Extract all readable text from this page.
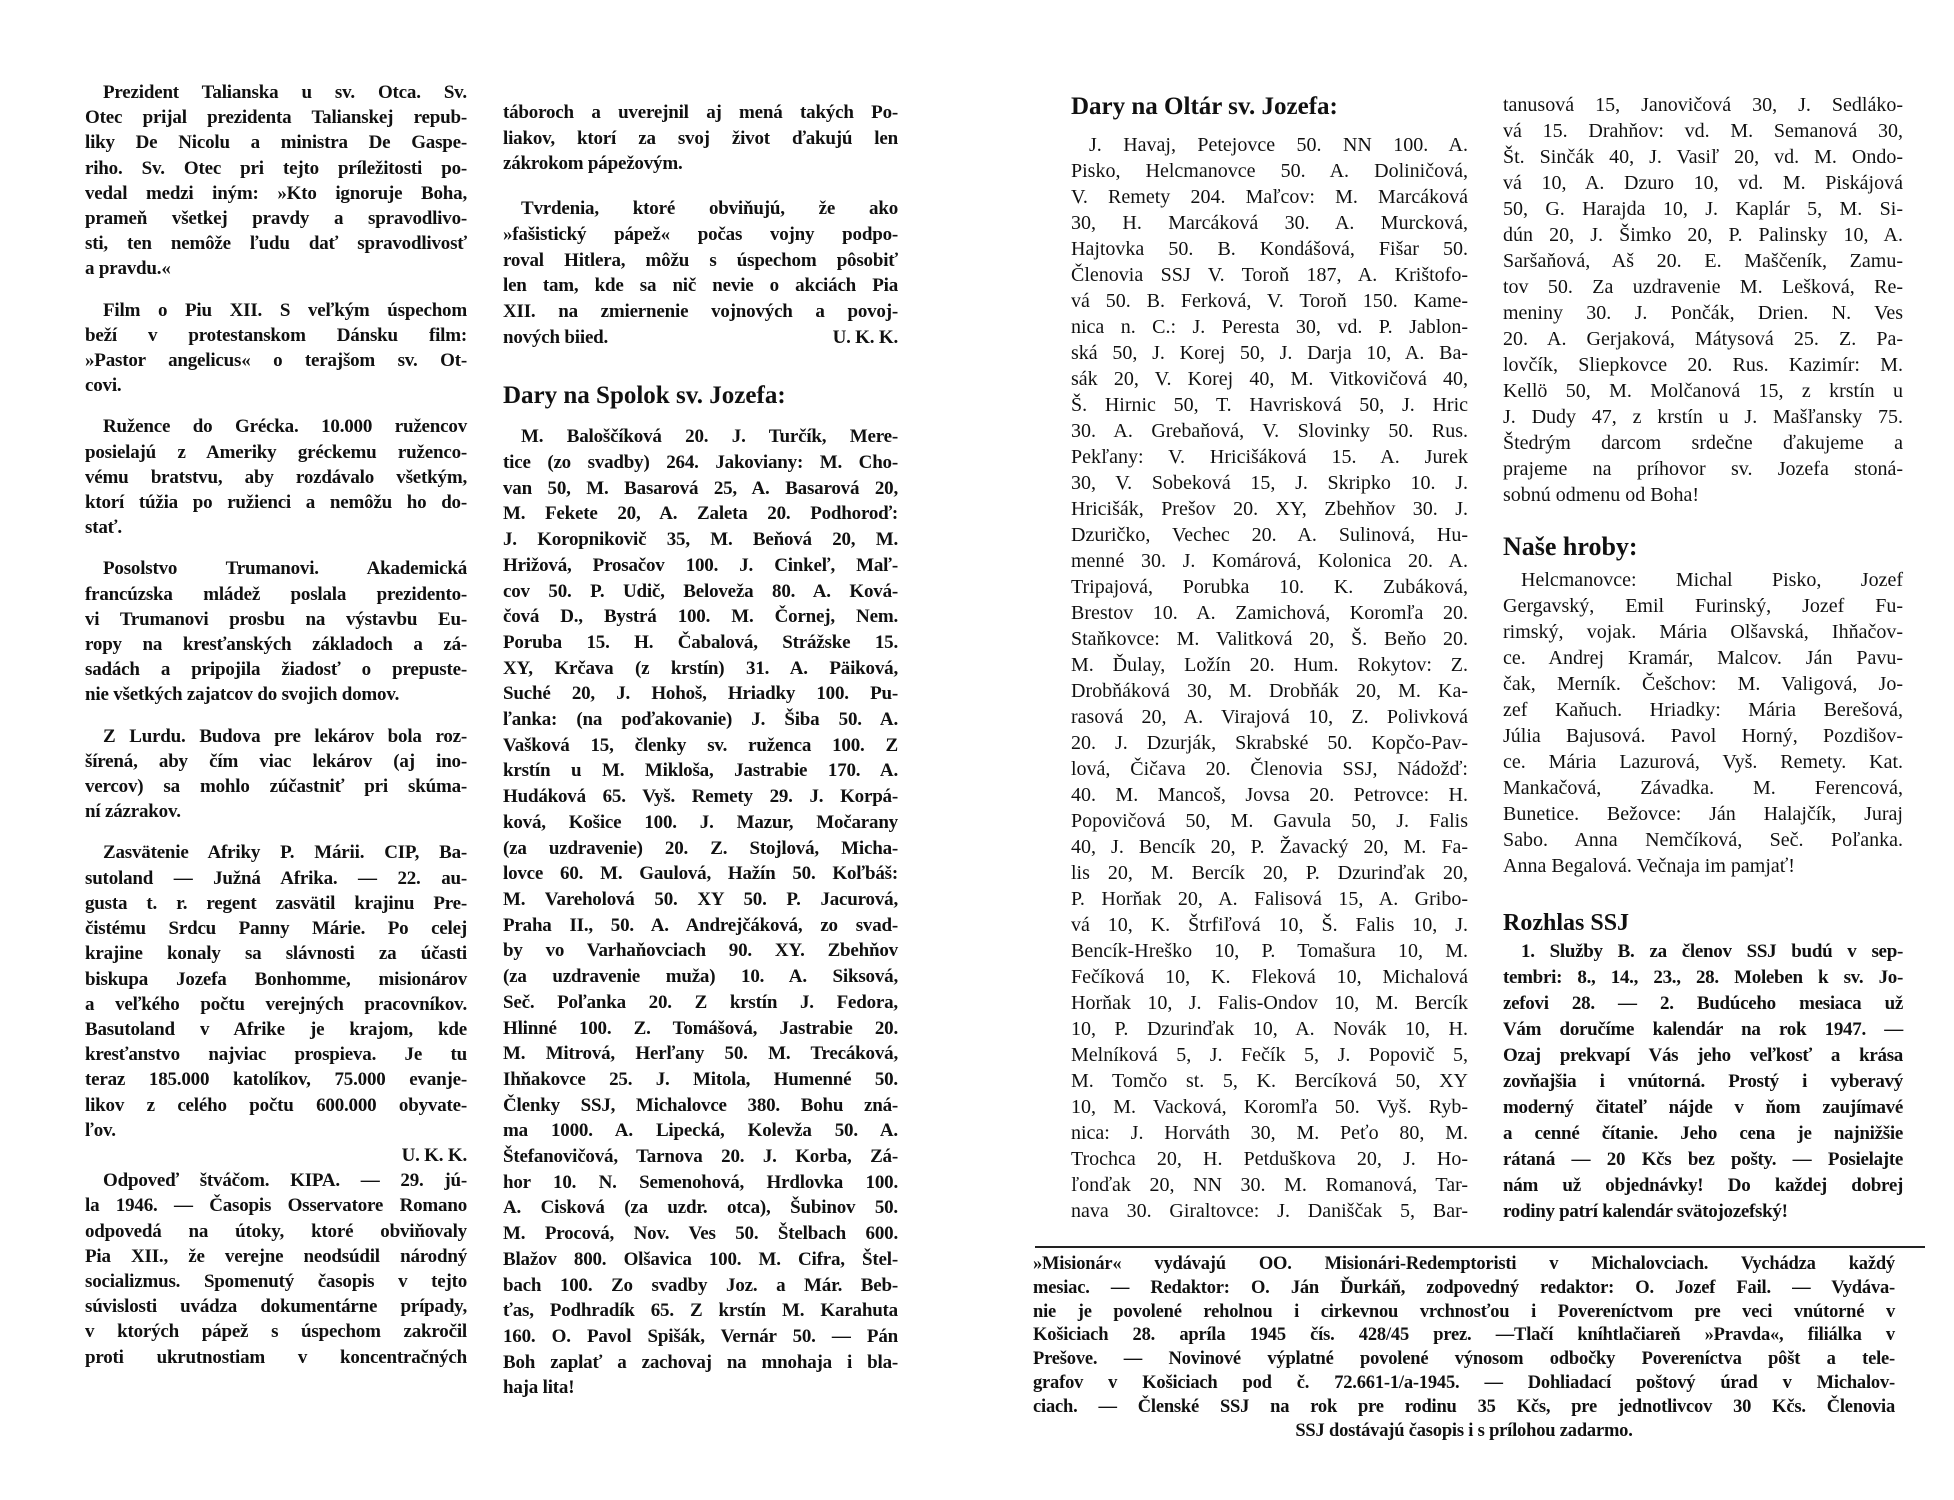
Prezident Talianska u sv. Otca. Sv.
Otec prijal prezidenta Talianskej repub-
liky De Nicolu a ministra De Gaspe-
riho. Sv. Otec pri tejto príležitosti po-
vedal medzi iným: »Kto ignoruje Boha,
prameň všetkej pravdy a spravodlivo-
sti, ten nemôže ľudu dať spravodlivosť
a pravdu.«
Film o Piu XII. S veľkým úspechom
beží v protestanskom Dánsku film:
»Pastor angelicus« o terajšom sv. Ot-
covi.
Ružence do Grécka. 10.000 ružencov
posielajú z Ameriky gréckemu ruženco-
vému bratstvu, aby rozdávalo všetkým,
ktorí túžia po ružienci a nemôžu ho do-
stať.
Posolstvo Trumanovi. Akademická
francúzska mládež poslala prezidento-
vi Trumanovi prosbu na výstavbu Eu-
ropy na kresťanských základoch a zá-
sadách a pripojila žiadosť o prepuste-
nie všetkých zajatcov do svojich domov.
Z Lurdu. Budova pre lekárov bola roz-
šírená, aby čím viac lekárov (aj ino-
vercov) sa mohlo zúčastniť pri skúma-
ní zázrakov.
Zasvätenie Afriky P. Márii. CIP, Ba-
sutoland — Južná Afrika. — 22. au-
gusta t. r. regent zasvätil krajinu Pre-
čistému Srdcu Panny Márie. Po celej
krajine konaly sa slávnosti za účasti
biskupa Jozefa Bonhomme, misionárov
a veľkého počtu verejných pracovníkov.
Basutoland v Afrike je krajom, kde
kresťanstvo najviac prospieva. Je tu
teraz 185.000 katolíkov, 75.000 evanje-
likov z celého počtu 600.000 obyvate-
ľov.
U. K. K.
Odpoveď štváčom. KIPA. — 29. jú-
la 1946. — Časopis Osservatore Romano
odpovedá na útoky, ktoré obviňovaly
Pia XII., že verejne neodsúdil národný
socializmus. Spomenutý časopis v tejto
súvislosti uvádza dokumentárne prípady,
v ktorých pápež s úspechom zakročil
proti ukrutnostiam v koncentračných
táboroch a uverejnil aj mená takých Po-
liakov, ktorí za svoj život ďakujú len
zákrokom pápežovým.
Tvrdenia, ktoré obviňujú, že ako
»fašistický pápež« počas vojny podpo-
roval Hitlera, môžu s úspechom pôsobiť
len tam, kde sa nič nevie o akciách Pia
XII. na zmiernenie vojnových a povoj-
nových biied.	U. K. K.
Dary na Spolok sv. Jozefa:
M. Baloščíková 20. J. Turčík, Mere-
tice (zo svadby) 264. Jakoviany: M. Cho-
van 50, M. Basarová 25, A. Basarová 20,
M. Fekete 20, A. Zaleta 20. Podhoroď:
J. Koropnikovič 35, M. Beňová 20, M.
Hrižová, Prosačov 100. J. Cinkeľ, Maľ-
cov 50. P. Udič, Beloveža 80. A. Ková-
čová D., Bystrá 100. M. Čornej, Nem.
Poruba 15. H. Čabalová, Strážske 15.
XY, Krčava (z krstín) 31. A. Päiková,
Suché 20, J. Hohoš, Hriadky 100. Pu-
ľanka: (na poďakovanie) J. Šiba 50. A.
Vašková 15, členky sv. ruženca 100. Z
krstín u M. Mikloša, Jastrabie 170. A.
Hudáková 65. Vyš. Remety 29. J. Korpá-
ková, Košice 100. J. Mazur, Močarany
(za uzdravenie) 20. Z. Stojlová, Micha-
lovce 60. M. Gaulová, Hažín 50. Koľbáš:
M. Vareholová 50. XY 50. P. Jacurová,
Praha II., 50. A. Andrejčáková, zo svad-
by vo Varhaňovciach 90. XY. Zbehňov
(za uzdravenie muža) 10. A. Siksová,
Seč. Poľanka 20. Z krstín J. Fedora,
Hlinné 100. Z. Tomášová, Jastrabie 20.
M. Mitrová, Herľany 50. M. Trecáková,
Ihňakovce 25. J. Mitola, Humenné 50.
Členky SSJ, Michalovce 380. Bohu zná-
ma 1000. A. Lipecká, Kolevža 50. A.
Štefanovičová, Tarnova 20. J. Korba, Zá-
hor 10. N. Semenohová, Hrdlovka 100.
A. Cisková (za uzdr. otca), Šubinov 50.
M. Procová, Nov. Ves 50. Štelbach 600.
Blažov 800. Olšavica 100. M. Cifra, Štel-
bach 100. Zo svadby Joz. a Már. Beb-
ťas, Podhradík 65. Z krstín M. Karahuta
160. O. Pavol Spišák, Vernár 50. — Pán
Boh zaplať a zachovaj na mnohaja i bla-
haja lita!
Dary na Oltár sv. Jozefa:
J. Havaj, Petejovce 50. NN 100. A.
Pisko, Helcmanovce 50. A. Doliničová,
V. Remety 204. Maľcov: M. Marcáková
30, H. Marcáková 30. A. Murcková,
Hajtovka 50. B. Kondášová, Fišar 50.
Členovia SSJ V. Toroň 187, A. Krištofo-
vá 50. B. Ferková, V. Toroň 150. Kame-
nica n. C.: J. Peresta 30, vd. P. Jablon-
ská 50, J. Korej 50, J. Darja 10, A. Ba-
sák 20, V. Korej 40, M. Vitkovičová 40,
Š. Hirnic 50, T. Havrisková 50, J. Hric
30. A. Grebaňová, V. Slovinky 50. Rus.
Pekľany: V. Hricišáková 15. A. Jurek
30, V. Sobeková 15, J. Skripko 10. J.
Hricišák, Prešov 20. XY, Zbehňov 30. J.
Dzuričko, Vechec 20. A. Sulinová, Hu-
menné 30. J. Komárová, Kolonica 20. A.
Tripajová, Porubka 10. K. Zubáková,
Brestov 10. A. Zamichová, Koromľa 20.
Staňkovce: M. Valitková 20, Š. Beňo 20.
M. Ďulay, Ložín 20. Hum. Rokytov: Z.
Drobňáková 30, M. Drobňák 20, M. Ka-
rasová 20, A. Virajová 10, Z. Polivková
20. J. Dzurják, Skrabské 50. Kopčo-Pav-
lová, Čičava 20. Členovia SSJ, Nádožď:
40. M. Mancoš, Jovsa 20. Petrovce: H.
Popovičová 50, M. Gavula 50, J. Falis
40, J. Bencík 20, P. Žavacký 20, M. Fa-
lis 20, M. Bercík 20, P. Dzurinďak 20,
P. Horňak 20, A. Falisová 15, A. Gribo-
vá 10, K. Štrfiľová 10, Š. Falis 10, J.
Bencík-Hreško 10, P. Tomašura 10, M.
Fečíková 10, K. Fleková 10, Michalová
Horňak 10, J. Falis-Ondov 10, M. Bercík
10, P. Dzurinďak 10, A. Novák 10, H.
Melníková 5, J. Fečík 5, J. Popovič 5,
M. Tomčo st. 5, K. Bercíková 50, XY
10, M. Vacková, Koromľa 50. Vyš. Ryb-
nica: J. Horváth 30, M. Peťo 80, M.
Trochca 20, H. Petduškova 20, J. Ho-
ľonďak 20, NN 30. M. Romanová, Tar-
nava 30. Giraltovce: J. Daniščak 5, Bar-
tanusová 15, Janovičová 30, J. Sedláko-
vá 15. Drahňov: vd. M. Semanová 30,
Št. Sinčák 40, J. Vasiľ 20, vd. M. Ondo-
vá 10, A. Dzuro 10, vd. M. Piskájová
50, G. Harajda 10, J. Kaplár 5, M. Si-
dún 20, J. Šimko 20, P. Palinsky 10, A.
Saršaňová, Aš 20. E. Maščeník, Zamu-
tov 50. Za uzdravenie M. Lešková, Re-
meniny 30. J. Pončák, Drien. N. Ves
20. A. Gerjaková, Mátysová 25. Z. Pa-
lovčík, Sliepkovce 20. Rus. Kazimír: M.
Kellö 50, M. Molčanová 15, z krstín u
J. Dudy 47, z krstín u J. Mašľansky 75.
Štedrým darcom srdečne ďakujeme a
prajeme na príhovor sv. Jozefa stoná-
sobnú odmenu od Boha!
Naše hroby:
Helcmanovce: Michal Pisko, Jozef
Gergavský, Emil Furinský, Jozef Fu-
rimský, vojak. Mária Olšavská, Ihňačov-
ce. Andrej Kramár, Malcov. Ján Pavu-
čak, Merník. Češchov: M. Valigová, Jo-
zef Kaňuch. Hriadky: Mária Berešová,
Júlia Bajusová. Pavol Horný, Pozdišov-
ce. Mária Lazurová, Vyš. Remety. Kat.
Mankačová, Závadka. M. Ferencová,
Bunetice. Bežovce: Ján Halajčík, Juraj
Sabo. Anna Nemčíková, Seč. Poľanka.
Anna Begalová. Večnaja im pamjať!
Rozhlas SSJ
1. Služby B. za členov SSJ budú v sep-
tembri: 8., 14., 23., 28. Moleben k sv. Jo-
zefovi 28. — 2. Budúceho mesiaca už
Vám doručíme kalendár na rok 1947. —
Ozaj prekvapí Vás jeho veľkosť a krása
zovňajšia i vnútorná. Prostý i vyberavý
moderný čitateľ nájde v ňom zaujímavé
a cenné čítanie. Jeho cena je najnižšie
rátaná — 20 Kčs bez pošty. — Posielajte
nám už objednávky! Do každej dobrej
rodiny patrí kalendár svätojozefský!
»Misionár« vydávajú OO. Misionári-Redemptoristi v Michalovciach. Vychádza každý
mesiac. — Redaktor: O. Ján Ďurkáň, zodpovedný redaktor: O. Jozef Fail. — Vydáva-
nie je povolené reholnou i cirkevnou vrchnosťou i Povereníctvom pre veci vnútorné v
Košiciach 28. apríla 1945 čís. 428/45 prez. —Tlačí kníhtlačiareň »Pravda«, filiálka v
Prešove. — Novinové výplatné povolené výnosom odbočky Povereníctva pôšt a tele-
grafov v Košiciach pod č. 72.661-1/a-1945. — Dohliadací poštový úrad v Michalov-
ciach. — Členské SSJ na rok pre rodinu 35 Kčs, pre jednotlivcov 30 Kčs. Členovia
SSJ dostávajú časopis i s prílohou zadarmo.
